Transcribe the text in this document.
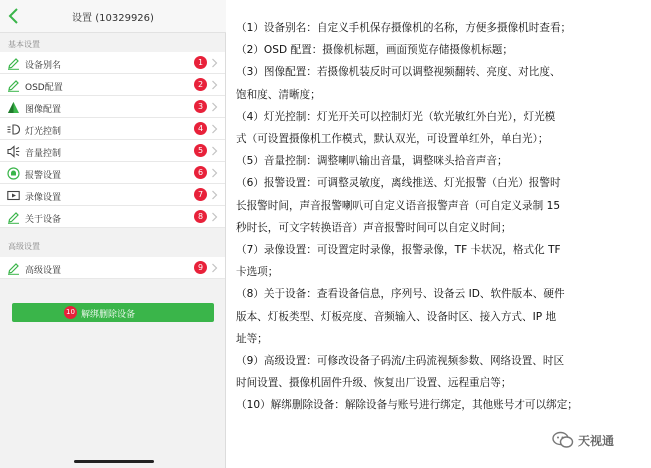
设置 (10329926)
基本设置
设备别名	1
OSD配置	2
图像配置	3
灯光控制	4
音量控制	5
报警设置	6
录像设置	7
关于设备	8
高级设置
高级设置	9
10 解绑删除设备

（1）设备别名：自定义手机保存摄像机的名称，方便多摄像机时查看；

（2）OSD 配置：摄像机标题，画面预览存储摄像机标题；

（3）图像配置：若摄像机装反时可以调整视频翻转、亮度、对比度、

饱和度、清晰度；

（4）灯光控制：灯光开关可以控制灯光（软光敏红外白光），灯光模

式（可设置摄像机工作模式，默认双光，可设置单红外，单白光）；

（5）音量控制：调整喇叭输出音量，调整咪头拾音声音；

（6）报警设置：可调整灵敏度，离线推送、灯光报警（白光）报警时

长报警时间，声音报警喇叭可自定义语音报警声音（可自定义录制 15

秒时长，可文字转换语音）声音报警时间可以自定义时间；

（7）录像设置：可设置定时录像，报警录像，TF 卡状况，格式化 TF

卡选项；

（8）关于设备：查看设备信息，序列号、设备云 ID、软件版本、硬件

版本、灯板类型、灯板亮度、音频输入、设备时区、接入方式、IP 地

址等；

（9）高级设置：可修改设备子码流/主码流视频参数、网络设置、时区

时间设置、摄像机固件升级、恢复出厂设置、远程重启等；

（10）解绑删除设备：解除设备与账号进行绑定，其他账号才可以绑定；

天视通
